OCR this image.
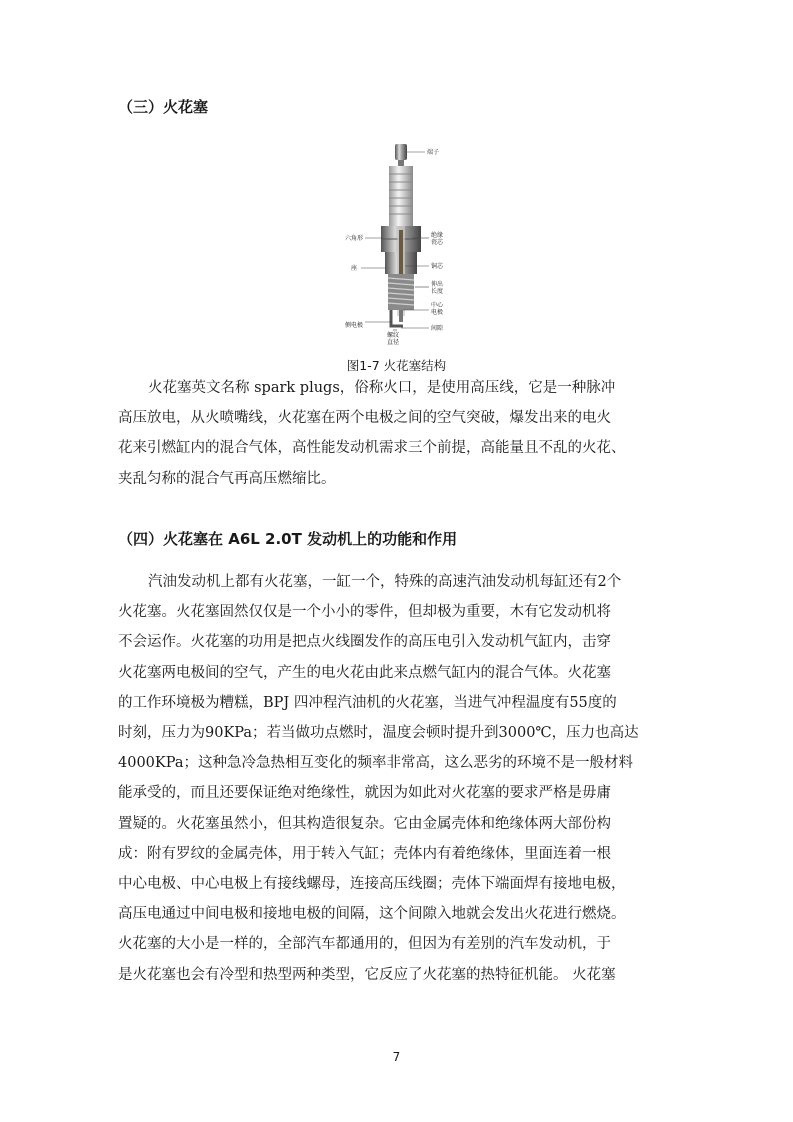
（三）火花塞
端子
六角形	绝缘
瓷芯
铜芯
座
伸出
长度
中心
电极
侧电极
螺纹
直径
间隙
图1-7 火花塞结构
火花塞英文名称 spark plugs，俗称火口，是使用高压线，它是一种脉冲
高压放电，从火喷嘴线，火花塞在两个电极之间的空气突破，爆发出来的电火
花来引燃缸内的混合气体，高性能发动机需求三个前提，高能量且不乱的火花、
夹乱匀称的混合气再高压燃缩比。
（四）火花塞在 A6L 2.0T 发动机上的功能和作用
汽油发动机上都有火花塞，一缸一个，特殊的高速汽油发动机每缸还有2个
火花塞。火花塞固然仅仅是一个小小的零件，但却极为重要，木有它发动机将
不会运作。火花塞的功用是把点火线圈发作的高压电引入发动机气缸内，击穿
火花塞两电极间的空气，产生的电火花由此来点燃气缸内的混合气体。火花塞
的工作环境极为糟糕，BPJ 四冲程汽油机的火花塞，当进气冲程温度有55度的
时刻，压力为90KPa；若当做功点燃时，温度会顿时提升到3000℃，压力也高达
4000KPa；这种急冷急热相互变化的频率非常高，这么恶劣的环境不是一般材料
能承受的，而且还要保证绝对绝缘性，就因为如此对火花塞的要求严格是毋庸
置疑的。火花塞虽然小，但其构造很复杂。它由金属壳体和绝缘体两大部份构
成：附有罗纹的金属壳体，用于转入气缸；壳体内有着绝缘体，里面连着一根
中心电极、中心电极上有接线螺母，连接高压线圈；壳体下端面焊有接地电极，
高压电通过中间电极和接地电极的间隔，这个间隙入地就会发出火花进行燃烧。
火花塞的大小是一样的，全部汽车都通用的，但因为有差别的汽车发动机，于
是火花塞也会有冷型和热型两种类型，它反应了火花塞的热特征机能。 火花塞
7
